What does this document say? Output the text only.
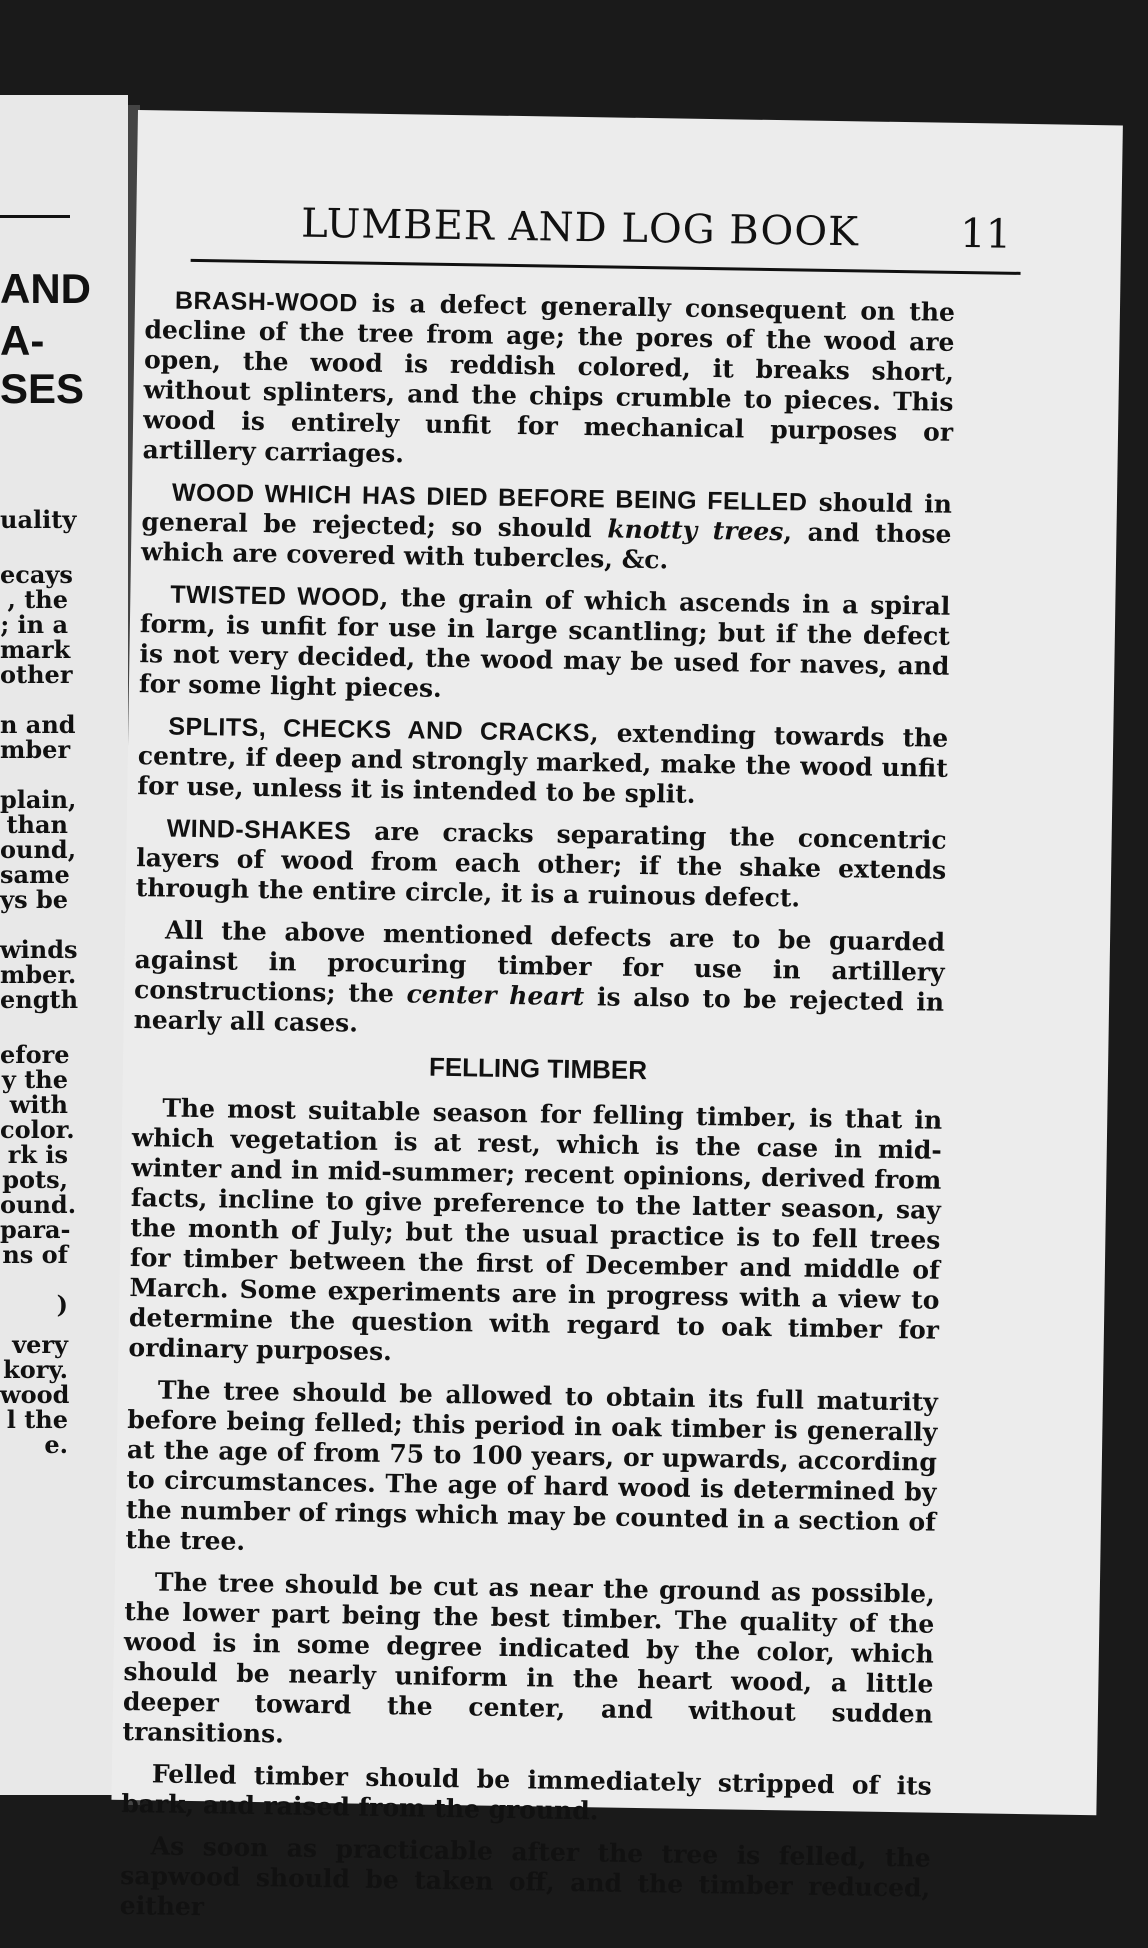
AND
A-
SES
uality
ecays
, the
; in a
mark
other
n and
mber
plain,
than
ound,
same
ys be
winds
mber.
ength
efore
y the
with
color.
rk is
pots,
ound.
para-
ns of
)
very
kory.
wood
l the
e.
LUMBER AND LOG BOOK	11

BRASH-WOOD is a defect generally consequent on the decline of the tree from age; the pores of the wood are open, the wood is reddish colored, it breaks short, without splinters, and the chips crumble to pieces. This wood is entirely unfit for mechanical purposes or artillery carriages.

WOOD WHICH HAS DIED BEFORE BEING FELLED should in general be rejected; so should knotty trees, and those which are covered with tubercles, &c.

TWISTED WOOD, the grain of which ascends in a spiral form, is unfit for use in large scantling; but if the defect is not very decided, the wood may be used for naves, and for some light pieces.

SPLITS, CHECKS AND CRACKS, extending towards the centre, if deep and strongly marked, make the wood unfit for use, unless it is intended to be split.

WIND-SHAKES are cracks separating the concentric layers of wood from each other; if the shake extends through the entire circle, it is a ruinous defect.

All the above mentioned defects are to be guarded against in procuring timber for use in artillery constructions; the center heart is also to be rejected in nearly all cases.

FELLING TIMBER

The most suitable season for felling timber, is that in which vegetation is at rest, which is the case in mid-winter and in mid-summer; recent opinions, derived from facts, incline to give preference to the latter season, say the month of July; but the usual practice is to fell trees for timber between the first of December and middle of March. Some experiments are in progress with a view to determine the question with regard to oak timber for ordinary purposes.

The tree should be allowed to obtain its full maturity before being felled; this period in oak timber is generally at the age of from 75 to 100 years, or upwards, according to circumstances. The age of hard wood is determined by the number of rings which may be counted in a section of the tree.

The tree should be cut as near the ground as possible, the lower part being the best timber. The quality of the wood is in some degree indicated by the color, which should be nearly uniform in the heart wood, a little deeper toward the center, and without sudden transitions.

Felled timber should be immediately stripped of its bark, and raised from the ground.

As soon as practicable after the tree is felled, the sapwood should be taken off, and the timber reduced, either
